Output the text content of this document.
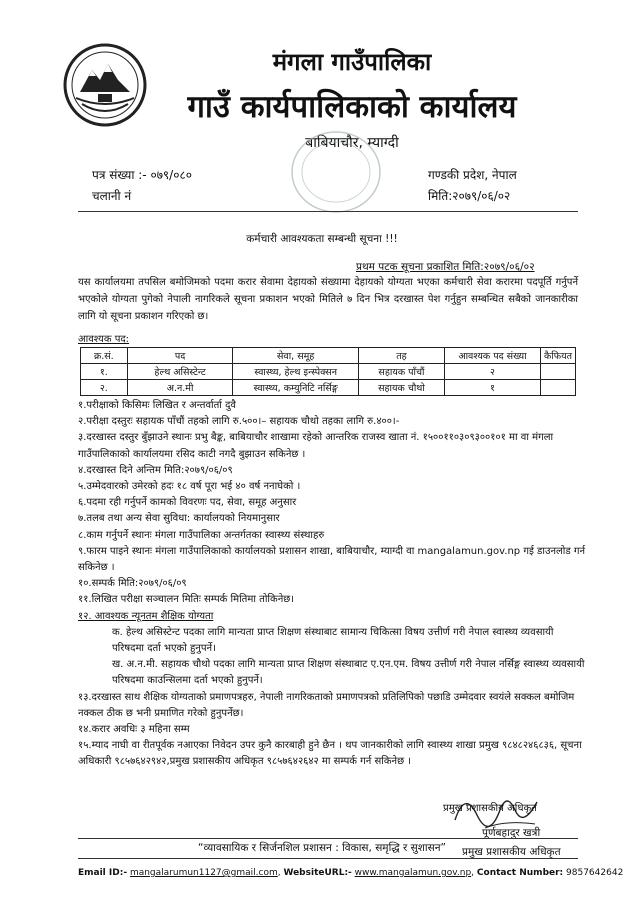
मंगला गाउँपालिका
गाउँ कार्यपालिकाको कार्यालय
बाबियाचौर, म्याग्दी
पत्र संख्या :- ०७९/०८०
चलानी नं
गण्डकी प्रदेश, नेपाल
मिति:२०७९/०६/०२
कर्मचारी आवश्यकता सम्बन्धी सूचना !!!
प्रथम पटक सूचना प्रकाशित मिति:२०७९/०६/०२
यस कार्यालयमा तपसिल बमोजिमको पदमा करार सेवामा देहायको संख्यामा देहायको योग्यता भएका कर्मचारी सेवा करारमा पदपूर्ति गर्नुपर्ने भएकोले योग्यता पुगेको नेपाली नागरिकले सूचना प्रकाशन भएको मितिले ७ दिन भित्र दरखास्त पेश गर्नुहुन सम्बन्धित सबैको जानकारीका लागि यो सूचना प्रकाशन गरिएको छ।
आवश्यक पद:
क्र.सं.	पद	सेवा, समूह	तह	आवश्यक पद संख्या	कैफियत
१.	हेल्थ असिस्टेन्ट	स्वास्थ्य, हेल्थ इन्स्पेक्सन	सहायक पाँचौं	२	
२.	अ.न.मी	स्वास्थ्य, कम्युनिटि नर्सिङ्ग	सहायक चौथो	१	
१.परीक्षाको किसिमः लिखित र अन्तर्वार्ता दुवै
२.परीक्षा दस्तुरः सहायक पाँचौं तहको लागि रु.५००।– सहायक चौथो तहका लागि रु.४००।-
३.दरखास्त दस्तुर बुँझाउने स्थानः प्रभु बैङ्क, बाबियाचौर शाखामा रहेको आन्तरिक राजस्व खाता नं. १५००११०३०९३००१०१ मा वा मंगला गाउँपालिकाको कार्यालयमा रसिद काटी नगदै बुझाउन सकिनेछ ।
४.दरखास्त दिने अन्तिम मिति:२०७९/०६/०९
५.उम्मेदवारको उमेरको हदः १८ वर्ष पूरा भई ४० वर्ष ननाघेको ।
६.पदमा रही गर्नुपर्ने कामको विवरणः पद, सेवा, समूह अनुसार
७.तलब तथा अन्य सेवा सुविधा: कार्यालयको नियमानुसार
८.काम गर्नुपर्ने स्थानः मंगला गाउँपालिका अन्तर्गतका स्वास्थ्य संस्थाहरु
९.फारम पाइने स्थानः मंगला गाउँपालिकाको कार्यालयको प्रशासन शाखा, बाबियाचौर, म्याग्दी वा mangalamun.gov.np गई डाउनलोड गर्न सकिनेछ ।
१०.सम्पर्क मिति:२०७९/०६/०९
११.लिखित परीक्षा सञ्चालन मितिः सम्पर्क मितिमा तोकिनेछ।
१२. आवश्यक न्यूनतम शैक्षिक योग्यता
क. हेल्थ असिस्टेन्ट पदका लागि मान्यता प्राप्त शिक्षण संस्थाबाट सामान्य चिकित्सा विषय उत्तीर्ण गरी नेपाल स्वास्थ्य व्यवसायी परिषदमा दर्ता भएको हुनुपर्ने।
ख. अ.न.मी. सहायक चौथो पदका लागि मान्यता प्राप्त शिक्षण संस्थाबाट ए.एन.एम. विषय उत्तीर्ण गरी नेपाल नर्सिङ्ग स्वास्थ्य व्यवसायी परिषदमा काउन्सिलमा दर्ता भएको हुनुपर्ने।
१३.दरखास्त साथ शैक्षिक योग्यताको प्रमाणपत्रहरु, नेपाली नागरिकताको प्रमाणपत्रको प्रतिलिपिको पछाडि उम्मेदवार स्वयंले सक्कल बमोजिम नक्कल ठीक छ भनी प्रमाणित गरेको हुनुपर्नेछ।
१४.करार अवधिः ३ महिना सम्म
१५.म्याद नाघी वा रीतपूर्वक नआएका निवेदन उपर कुनै कारबाही हुने छैन । थप जानकारीको लागि स्वास्थ्य शाखा प्रमुख ९८४८२४६८३६, सूचना अधिकारी ९८५७६४२९४२,प्रमुख प्रशासकीय अधिकृत ९८५७६४२६४२ मा सम्पर्क गर्न सकिनेछ ।
प्रमुख प्रशासकीय अधिकृत
पूर्णबहादुर खत्री
प्रमुख प्रशासकीय अधिकृत
“व्यावसायिक र सिर्जनशिल प्रशासन : विकास, समृद्धि र सुशासन”
Email ID:- mangalarumun1127@gmail.com, WebsiteURL:- www.mangalamun.gov.np, Contact Number: 9857642642
